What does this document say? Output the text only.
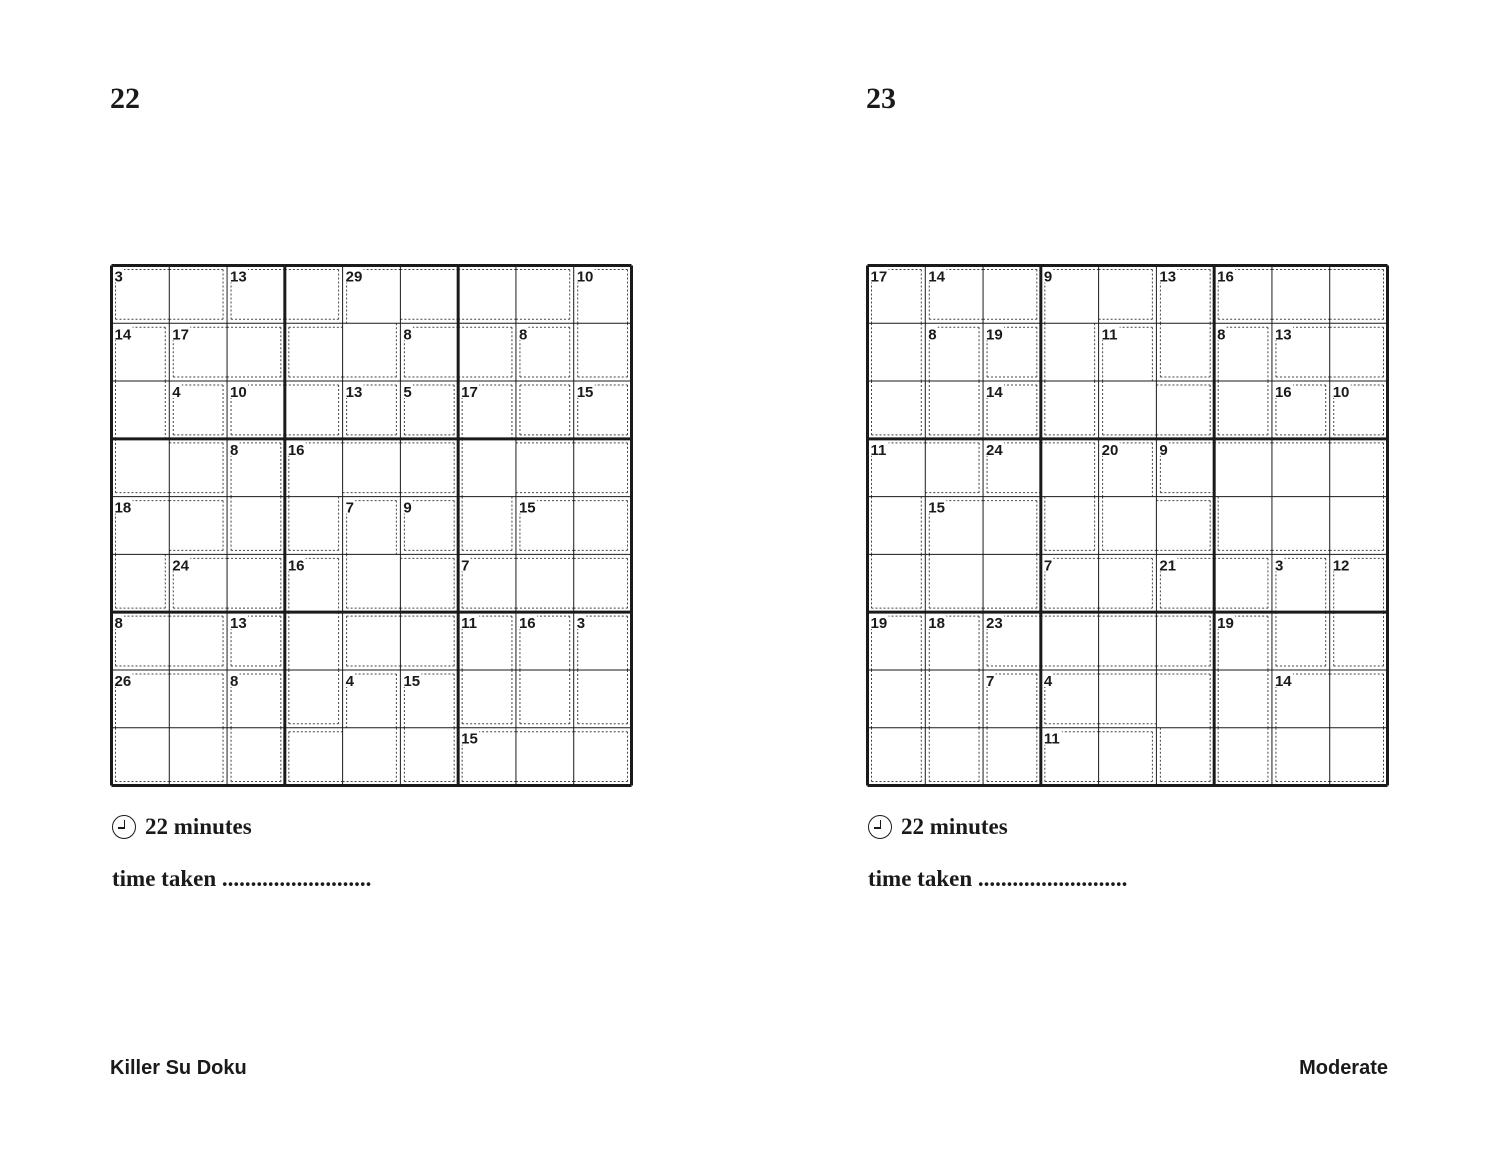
22
22 minutes
time taken ..........................
Killer Su Doku
23
22 minutes
time taken ..........................
Moderate
